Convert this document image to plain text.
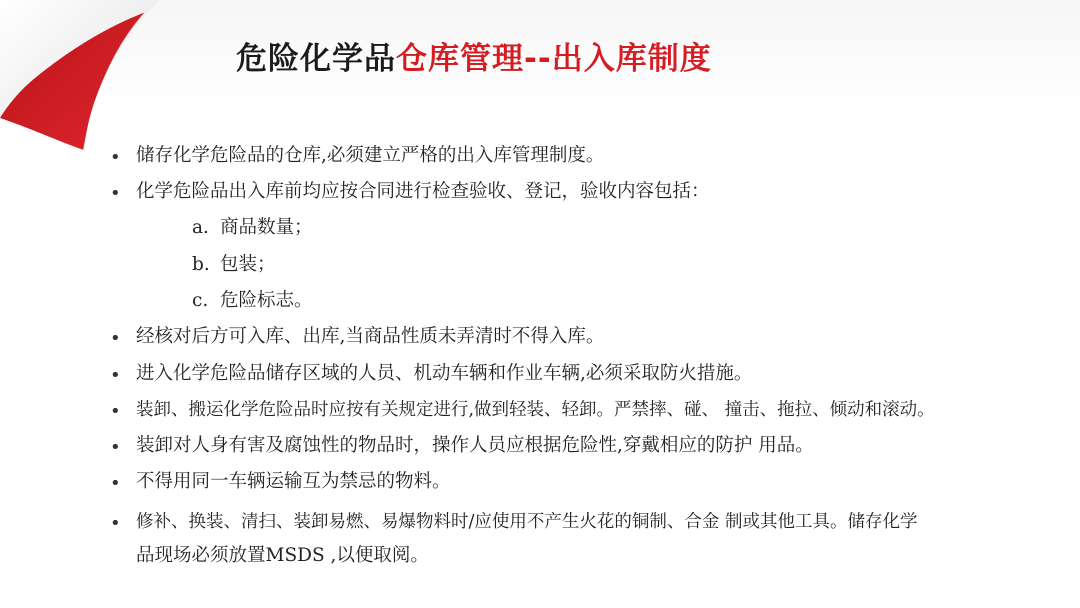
危险化学品仓库管理--出入库制度
• 储存化学危险品的仓库,必须建立严格的出入库管理制度。
• 化学危险品出入库前均应按合同进行检查验收、登记，验收内容包括：
a. 商品数量；
b. 包装；
c. 危险标志。
• 经核对后方可入库、出库,当商品性质未弄清时不得入库。
• 进入化学危险品储存区域的人员、机动车辆和作业车辆,必须采取防火措施。
• 装卸、搬运化学危险品时应按有关规定进行,做到轻装、轻卸。严禁摔、碰、 撞击、拖拉、倾动和滚动。
• 装卸对人身有害及腐蚀性的物品时，操作人员应根据危险性,穿戴相应的防护 用品。
• 不得用同一车辆运输互为禁忌的物料。
• 修补、换装、清扫、装卸易燃、易爆物料时/应使用不产生火花的铜制、合金 制或其他工具。储存化学
品现场必须放置MSDS ,以便取阅。
